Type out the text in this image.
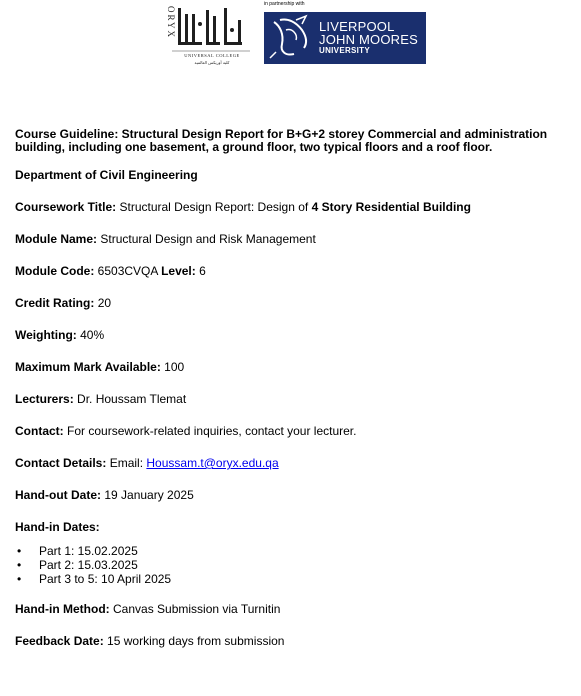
ORYX
UNIVERSAL COLLEGE
كلية أوريكس العالمية
in partnership with
LIVERPOOL
JOHN MOORES
UNIVERSITY

Course Guideline: Structural Design Report for B+G+2 storey Commercial and administration building, including one basement, a ground floor, two typical floors and a roof floor.

Department of Civil Engineering
Coursework Title: Structural Design Report: Design of 4 Story Residential Building
Module Name: Structural Design and Risk Management
Module Code: 6503CVQA Level: 6
Credit Rating: 20
Weighting: 40%
Maximum Mark Available: 100
Lecturers: Dr. Houssam Tlemat
Contact: For coursework-related inquiries, contact your lecturer.
Contact Details: Email: Houssam.t@oryx.edu.qa
Hand-out Date: 19 January 2025
Hand-in Dates:
• Part 1: 15.02.2025
• Part 2: 15.03.2025
• Part 3 to 5: 10 April 2025
Hand-in Method: Canvas Submission via Turnitin
Feedback Date: 15 working days from submission
